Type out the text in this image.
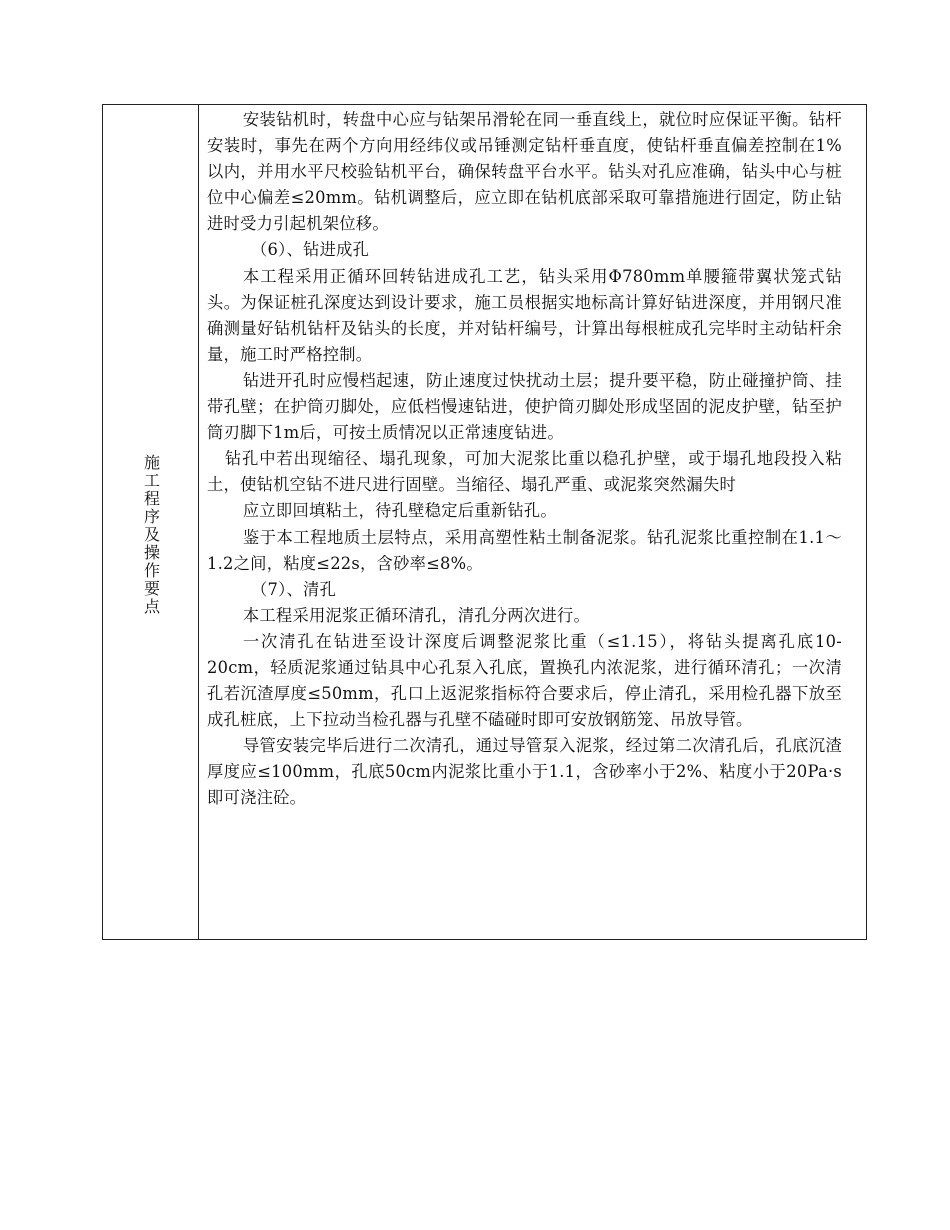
施工程序及操作要点

安装钻机时，转盘中心应与钻架吊滑轮在同一垂直线上，就位时应保证平衡。钻杆安装时，事先在两个方向用经纬仪或吊锤测定钻杆垂直度，使钻杆垂直偏差控制在1%以内，并用水平尺校验钻机平台，确保转盘平台水平。钻头对孔应准确，钻头中心与桩位中心偏差≤20mm。钻机调整后，应立即在钻机底部采取可靠措施进行固定，防止钻进时受力引起机架位移。

（6）、钻进成孔

本工程采用正循环回转钻进成孔工艺，钻头采用Φ780mm单腰箍带翼状笼式钻头。为保证桩孔深度达到设计要求，施工员根据实地标高计算好钻进深度，并用钢尺准确测量好钻机钻杆及钻头的长度，并对钻杆编号，计算出每根桩成孔完毕时主动钻杆余量，施工时严格控制。

钻进开孔时应慢档起速，防止速度过快扰动土层；提升要平稳，防止碰撞护筒、挂带孔壁；在护筒刃脚处，应低档慢速钻进，使护筒刃脚处形成坚固的泥皮护壁，钻至护筒刃脚下1m后，可按土质情况以正常速度钻进。

钻孔中若出现缩径、塌孔现象，可加大泥浆比重以稳孔护壁，或于塌孔地段投入粘土，使钻机空钻不进尺进行固壁。当缩径、塌孔严重、或泥浆突然漏失时

应立即回填粘土，待孔壁稳定后重新钻孔。

鉴于本工程地质土层特点，采用高塑性粘土制备泥浆。钻孔泥浆比重控制在1.1～1.2之间，粘度≤22s，含砂率≤8%。

（7）、清孔

本工程采用泥浆正循环清孔，清孔分两次进行。

一次清孔在钻进至设计深度后调整泥浆比重（≤1.15），将钻头提离孔底10-20cm，轻质泥浆通过钻具中心孔泵入孔底，置换孔内浓泥浆，进行循环清孔；一次清孔若沉渣厚度≤50mm，孔口上返泥浆指标符合要求后，停止清孔，采用检孔器下放至成孔桩底，上下拉动当检孔器与孔壁不磕碰时即可安放钢筋笼、吊放导管。

导管安装完毕后进行二次清孔，通过导管泵入泥浆，经过第二次清孔后，孔底沉渣厚度应≤100mm，孔底50cm内泥浆比重小于1.1，含砂率小于2%、粘度小于20Pa·s即可浇注砼。
